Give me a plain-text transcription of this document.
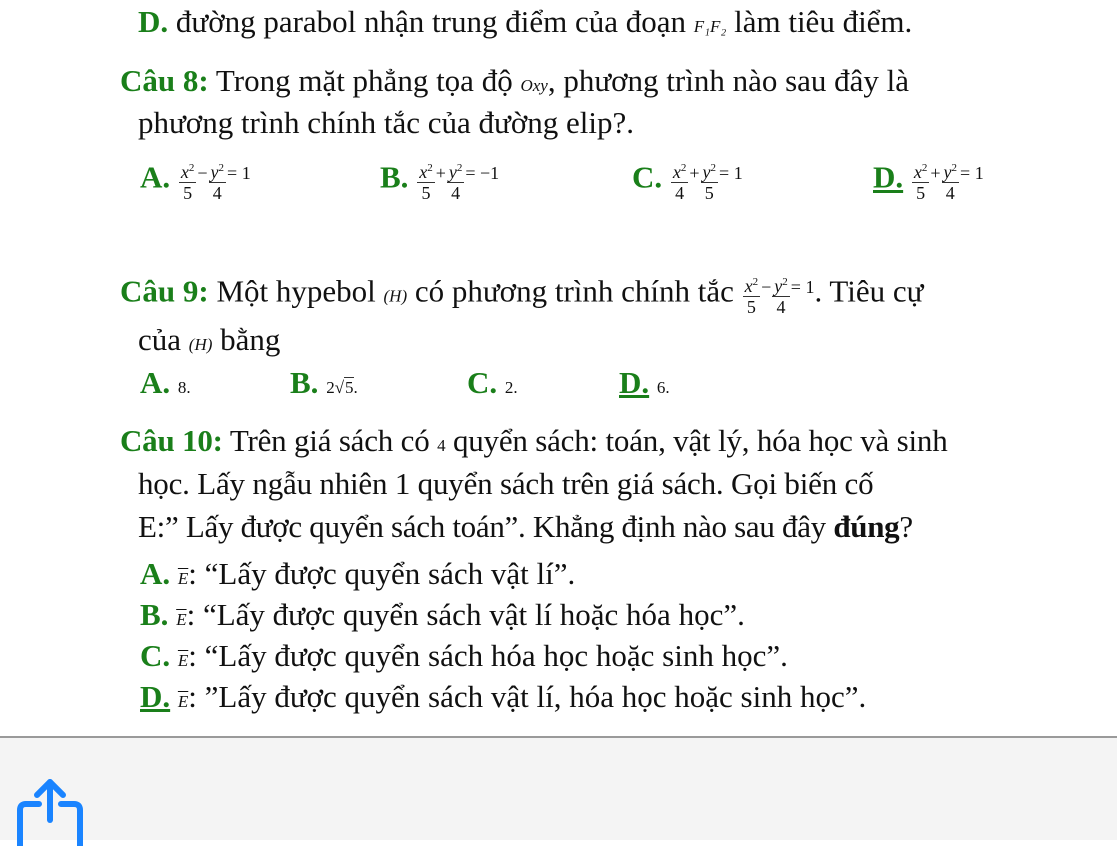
D. đường parabol nhận trung điểm của đoạn F₁F₂ làm tiêu điểm.
Câu 8: Trong mặt phẳng tọa độ Oxy, phương trình nào sau đây là
phương trình chính tắc của đường elip?.
A. $\frac{x^2}{5} - \frac{y^2}{4} = 1$	B. $\frac{x^2}{5} + \frac{y^2}{4} = -1$	C. $\frac{x^2}{4} + \frac{y^2}{5} = 1$	D. $\frac{x^2}{5} + \frac{y^2}{4} = 1$
Câu 9: Một hypebol (H) có phương trình chính tắc $\frac{x^2}{5} - \frac{y^2}{4} = 1$. Tiêu cự
của (H) bằng
A. 8.	B. 2√5.	C. 2.	D. 6.
Câu 10: Trên giá sách có 4 quyển sách: toán, vật lý, hóa học và sinh
học. Lấy ngẫu nhiên 1 quyển sách trên giá sách. Gọi biến cố
E:” Lấy được quyển sách toán”. Khẳng định nào sau đây đúng?
A. $\overline{E}$: “Lấy được quyển sách vật lí”.
B. $\overline{E}$: “Lấy được quyển sách vật lí hoặc hóa học”.
C. $\overline{E}$: “Lấy được quyển sách hóa học hoặc sinh học”.
D. $\overline{E}$: ”Lấy được quyển sách vật lí, hóa học hoặc sinh học”.
